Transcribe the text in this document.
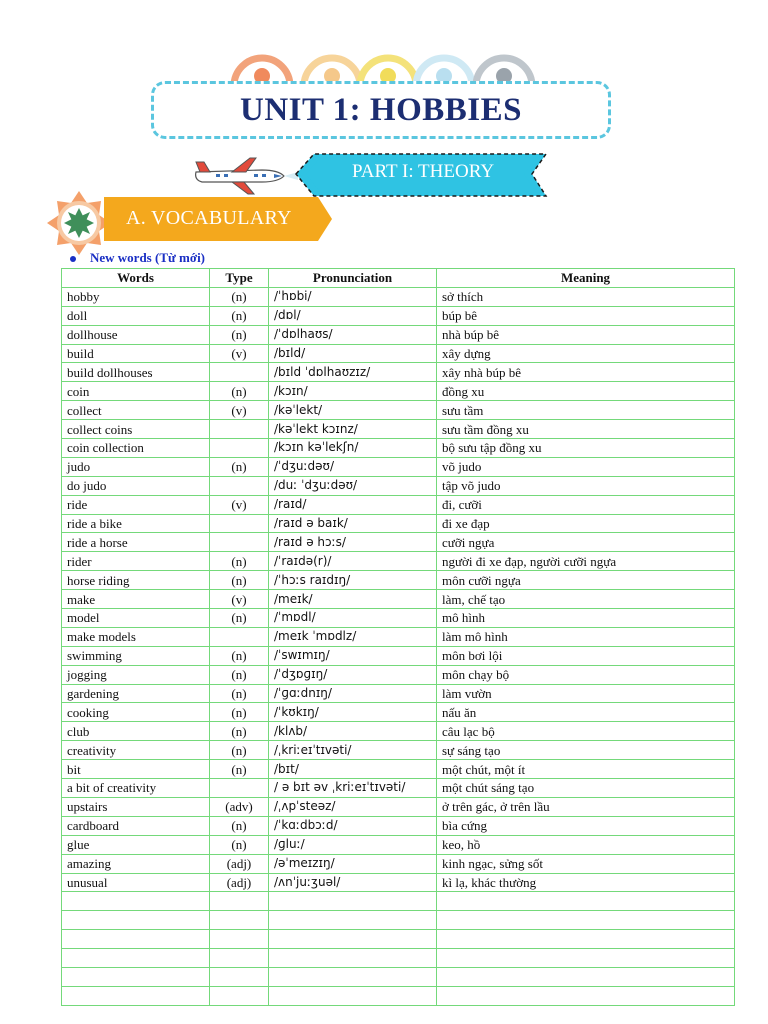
UNIT 1: HOBBIES
PART I: THEORY
A. VOCABULARY
New words (Từ mới)
Words	Type	Pronunciation	Meaning
hobby	(n)	/ˈhɒbi/	sở thích
doll	(n)	/dɒl/	búp bê
dollhouse	(n)	/ˈdɒlhaʊs/	nhà búp bê
build	(v)	/bɪld/	xây dựng
build dollhouses		/bɪld ˈdɒlhaʊzɪz/	xây nhà búp bê
coin	(n)	/kɔɪn/	đồng xu
collect	(v)	/kəˈlekt/	sưu tầm
collect coins		/kəˈlekt kɔɪnz/	sưu tầm đồng xu
coin collection		/kɔɪn kəˈlekʃn/	bộ sưu tập đồng xu
judo	(n)	/ˈdʒuːdəʊ/	võ judo
do judo		/duː ˈdʒuːdəʊ/	tập võ judo
ride	(v)	/raɪd/	đi, cưỡi
ride a bike		/raɪd ə baɪk/	đi xe đạp
ride a horse		/raɪd ə hɔːs/	cưỡi ngựa
rider	(n)	/ˈraɪdə(r)/	người đi xe đạp, người cưỡi ngựa
horse riding	(n)	/ˈhɔːs raɪdɪŋ/	môn cưỡi ngựa
make	(v)	/meɪk/	làm, chế tạo
model	(n)	/ˈmɒdl/	mô hình
make models		/meɪk ˈmɒdlz/	làm mô hình
swimming	(n)	/ˈswɪmɪŋ/	môn bơi lội
jogging	(n)	/ˈdʒɒɡɪŋ/	môn chạy bộ
gardening	(n)	/ˈɡɑːdnɪŋ/	làm vườn
cooking	(n)	/ˈkʊkɪŋ/	nấu ăn
club	(n)	/klʌb/	câu lạc bộ
creativity	(n)	/ˌkriːeɪˈtɪvəti/	sự sáng tạo
bit	(n)	/bɪt/	một chút, một ít
a bit of creativity		/ ə bɪt əv ˌkriːeɪˈtɪvəti/	một chút sáng tạo
upstairs	(adv)	/ˌʌpˈsteəz/	ở trên gác, ở trên lầu
cardboard	(n)	/ˈkɑːdbɔːd/	bìa cứng
glue	(n)	/ɡluː/	keo, hồ
amazing	(adj)	/əˈmeɪzɪŋ/	kinh ngạc, sửng sốt
unusual	(adj)	/ʌnˈjuːʒuəl/	kì lạ, khác thường
